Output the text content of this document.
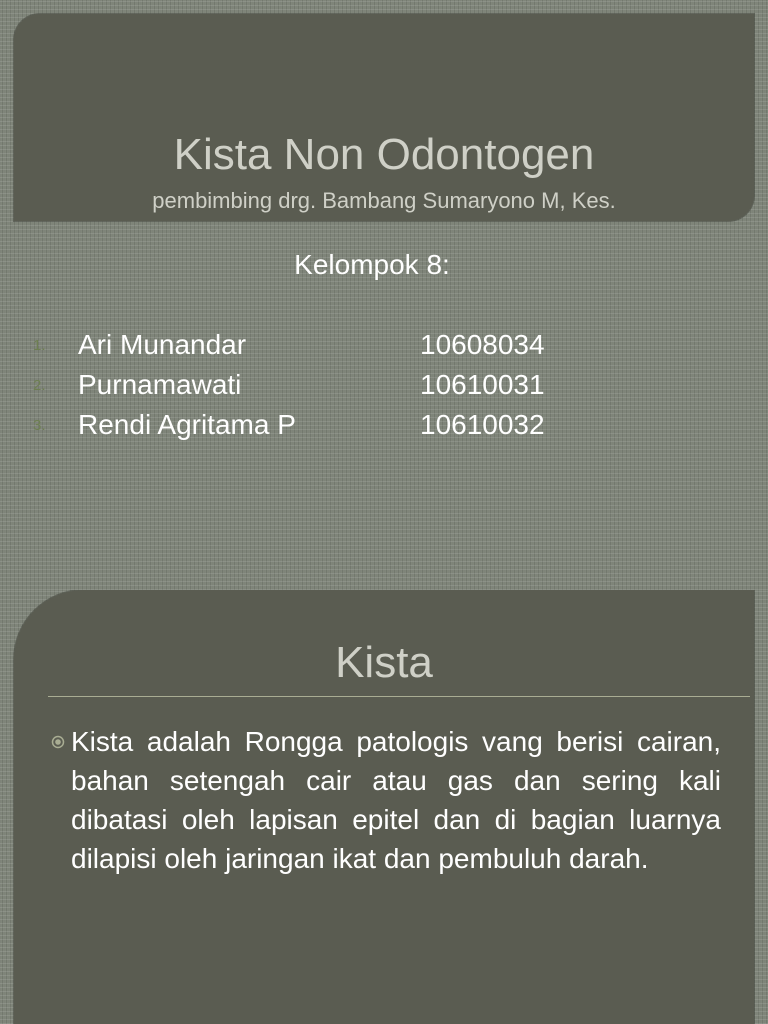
Kista Non Odontogen
pembimbing drg. Bambang Sumaryono M, Kes.
Kelompok 8:
1. Ari Munandar	10608034
2. Purnamawati	10610031
3. Rendi Agritama P	10610032
Kista
Kista adalah Rongga patologis vang berisi cairan, bahan setengah cair atau gas dan sering kali dibatasi oleh lapisan epitel dan di bagian luarnya dilapisi oleh jaringan ikat dan pembuluh darah.
